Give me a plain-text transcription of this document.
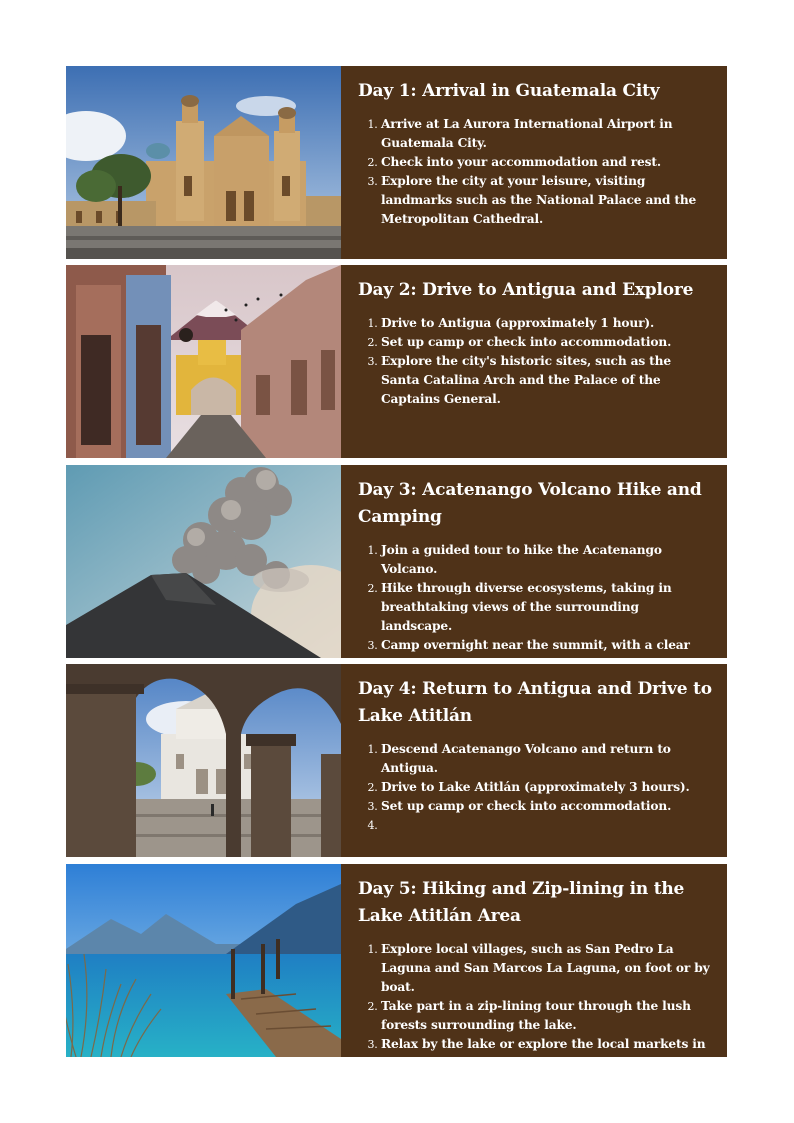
Day 1: Arrival in Guatemala City
1. Arrive at La Aurora International Airport in Guatemala City.
2. Check into your accommodation and rest.
3. Explore the city at your leisure, visiting landmarks such as the National Palace and the Metropolitan Cathedral.
Day 2: Drive to Antigua and Explore
1. Drive to Antigua (approximately 1 hour).
2. Set up camp or check into accommodation.
3. Explore the city's historic sites, such as the Santa Catalina Arch and the Palace of the Captains General.
Day 3: Acatenango Volcano Hike and Camping
1. Join a guided tour to hike the Acatenango Volcano.
2. Hike through diverse ecosystems, taking in breathtaking views of the surrounding landscape.
3. Camp overnight near the summit, with a clear
Day 4: Return to Antigua and Drive to Lake Atitlán
1. Descend Acatenango Volcano and return to Antigua.
2. Drive to Lake Atitlán (approximately 3 hours).
3. Set up camp or check into accommodation.
4.
Day 5: Hiking and Zip-lining in the Lake Atitlán Area
1. Explore local villages, such as San Pedro La Laguna and San Marcos La Laguna, on foot or by boat.
2. Take part in a zip-lining tour through the lush forests surrounding the lake.
3. Relax by the lake or explore the local markets in the evening.
